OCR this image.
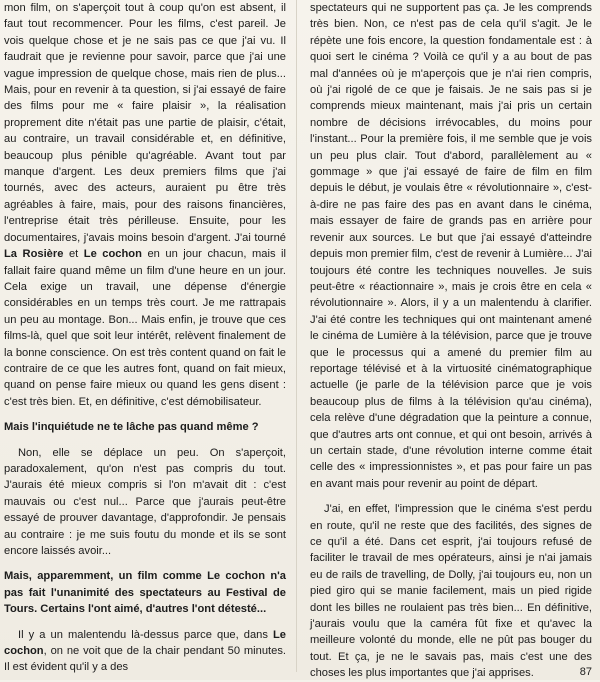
mon film, on s'aperçoit tout à coup qu'on est absent, il faut tout recommencer. Pour les films, c'est pareil. Je vois quelque chose et je ne sais pas ce que j'ai vu. Il faudrait que je revienne pour savoir, parce que j'ai une vague impression de quelque chose, mais rien de plus... Mais, pour en revenir à ta question, si j'ai essayé de faire des films pour me « faire plaisir », la réalisation proprement dite n'était pas une partie de plaisir, c'était, au contraire, un travail considérable et, en définitive, beaucoup plus pénible qu'agréable. Avant tout par manque d'argent. Les deux premiers films que j'ai tournés, avec des acteurs, auraient pu être très agréables à faire, mais, pour des raisons financières, l'entreprise était très périlleuse. Ensuite, pour les documentaires, j'avais moins besoin d'argent. J'ai tourné La Rosière et Le cochon en un jour chacun, mais il fallait faire quand même un film d'une heure en un jour. Cela exige un travail, une dépense d'énergie considérables en un temps très court. Je me rattrapais un peu au montage. Bon... Mais enfin, je trouve que ces films-là, quel que soit leur intérêt, relèvent finalement de la bonne conscience. On est très content quand on fait le contraire de ce que les autres font, quand on fait mieux, quand on pense faire mieux ou quand les gens disent : c'est très bien. Et, en définitive, c'est démobilisateur.

Mais l'inquiétude ne te lâche pas quand même ?

Non, elle se déplace un peu. On s'aperçoit, paradoxalement, qu'on n'est pas compris du tout. J'aurais été mieux compris si l'on m'avait dit : c'est mauvais ou c'est nul... Parce que j'aurais peut-être essayé de prouver davantage, d'approfondir. Je pensais au contraire : je me suis foutu du monde et ils se sont encore laissés avoir...

Mais, apparemment, un film comme Le cochon n'a pas fait l'unanimité des spectateurs au Festival de Tours. Certains l'ont aimé, d'autres l'ont détesté...

Il y a un malentendu là-dessus parce que, dans Le cochon, on ne voit que de la chair pendant 50 minutes. Il est évident qu'il y a des

spectateurs qui ne supportent pas ça. Je les comprends très bien. Non, ce n'est pas de cela qu'il s'agit. Je le répète une fois encore, la question fondamentale est : à quoi sert le cinéma ? Voilà ce qu'il y a au bout de pas mal d'années où je m'aperçois que je n'ai rien compris, où j'ai rigolé de ce que je faisais. Je ne sais pas si je comprends mieux maintenant, mais j'ai pris un certain nombre de décisions irrévocables, du moins pour l'instant... Pour la première fois, il me semble que je vois un peu plus clair. Tout d'abord, parallèlement au « gommage » que j'ai essayé de faire de film en film depuis le début, je voulais être « révolutionnaire », c'est-à-dire ne pas faire des pas en avant dans le cinéma, mais essayer de faire de grands pas en arrière pour revenir aux sources. Le but que j'ai essayé d'atteindre depuis mon premier film, c'est de revenir à Lumière... J'ai toujours été contre les techniques nouvelles. Je suis peut-être « réactionnaire », mais je crois être en cela « révolutionnaire ». Alors, il y a un malentendu à clarifier. J'ai été contre les techniques qui ont maintenant amené le cinéma de Lumière à la télévision, parce que je trouve que le processus qui a amené du premier film au reportage télévisé et à la virtuosité cinématographique actuelle (je parle de la télévision parce que je vois beaucoup plus de films à la télévision qu'au cinéma), cela relève d'une dégradation que la peinture a connue, que d'autres arts ont connue, et qui ont besoin, arrivés à un certain stade, d'une révolution interne comme était celle des « impressionnistes », et pas pour faire un pas en avant mais pour revenir au point de départ.

J'ai, en effet, l'impression que le cinéma s'est perdu en route, qu'il ne reste que des facilités, des signes de ce qu'il a été. Dans cet esprit, j'ai toujours refusé de faciliter le travail de mes opérateurs, ainsi je n'ai jamais eu de rails de travelling, de Dolly, j'ai toujours eu, non un pied giro qui se manie facilement, mais un pied rigide dont les billes ne roulaient pas très bien... En définitive, j'aurais voulu que la caméra fût fixe et qu'avec la meilleure volonté du monde, elle ne pût pas bouger du tout. Et ça, je ne le savais pas, mais c'est une des choses les plus importantes que j'ai apprises.	87
